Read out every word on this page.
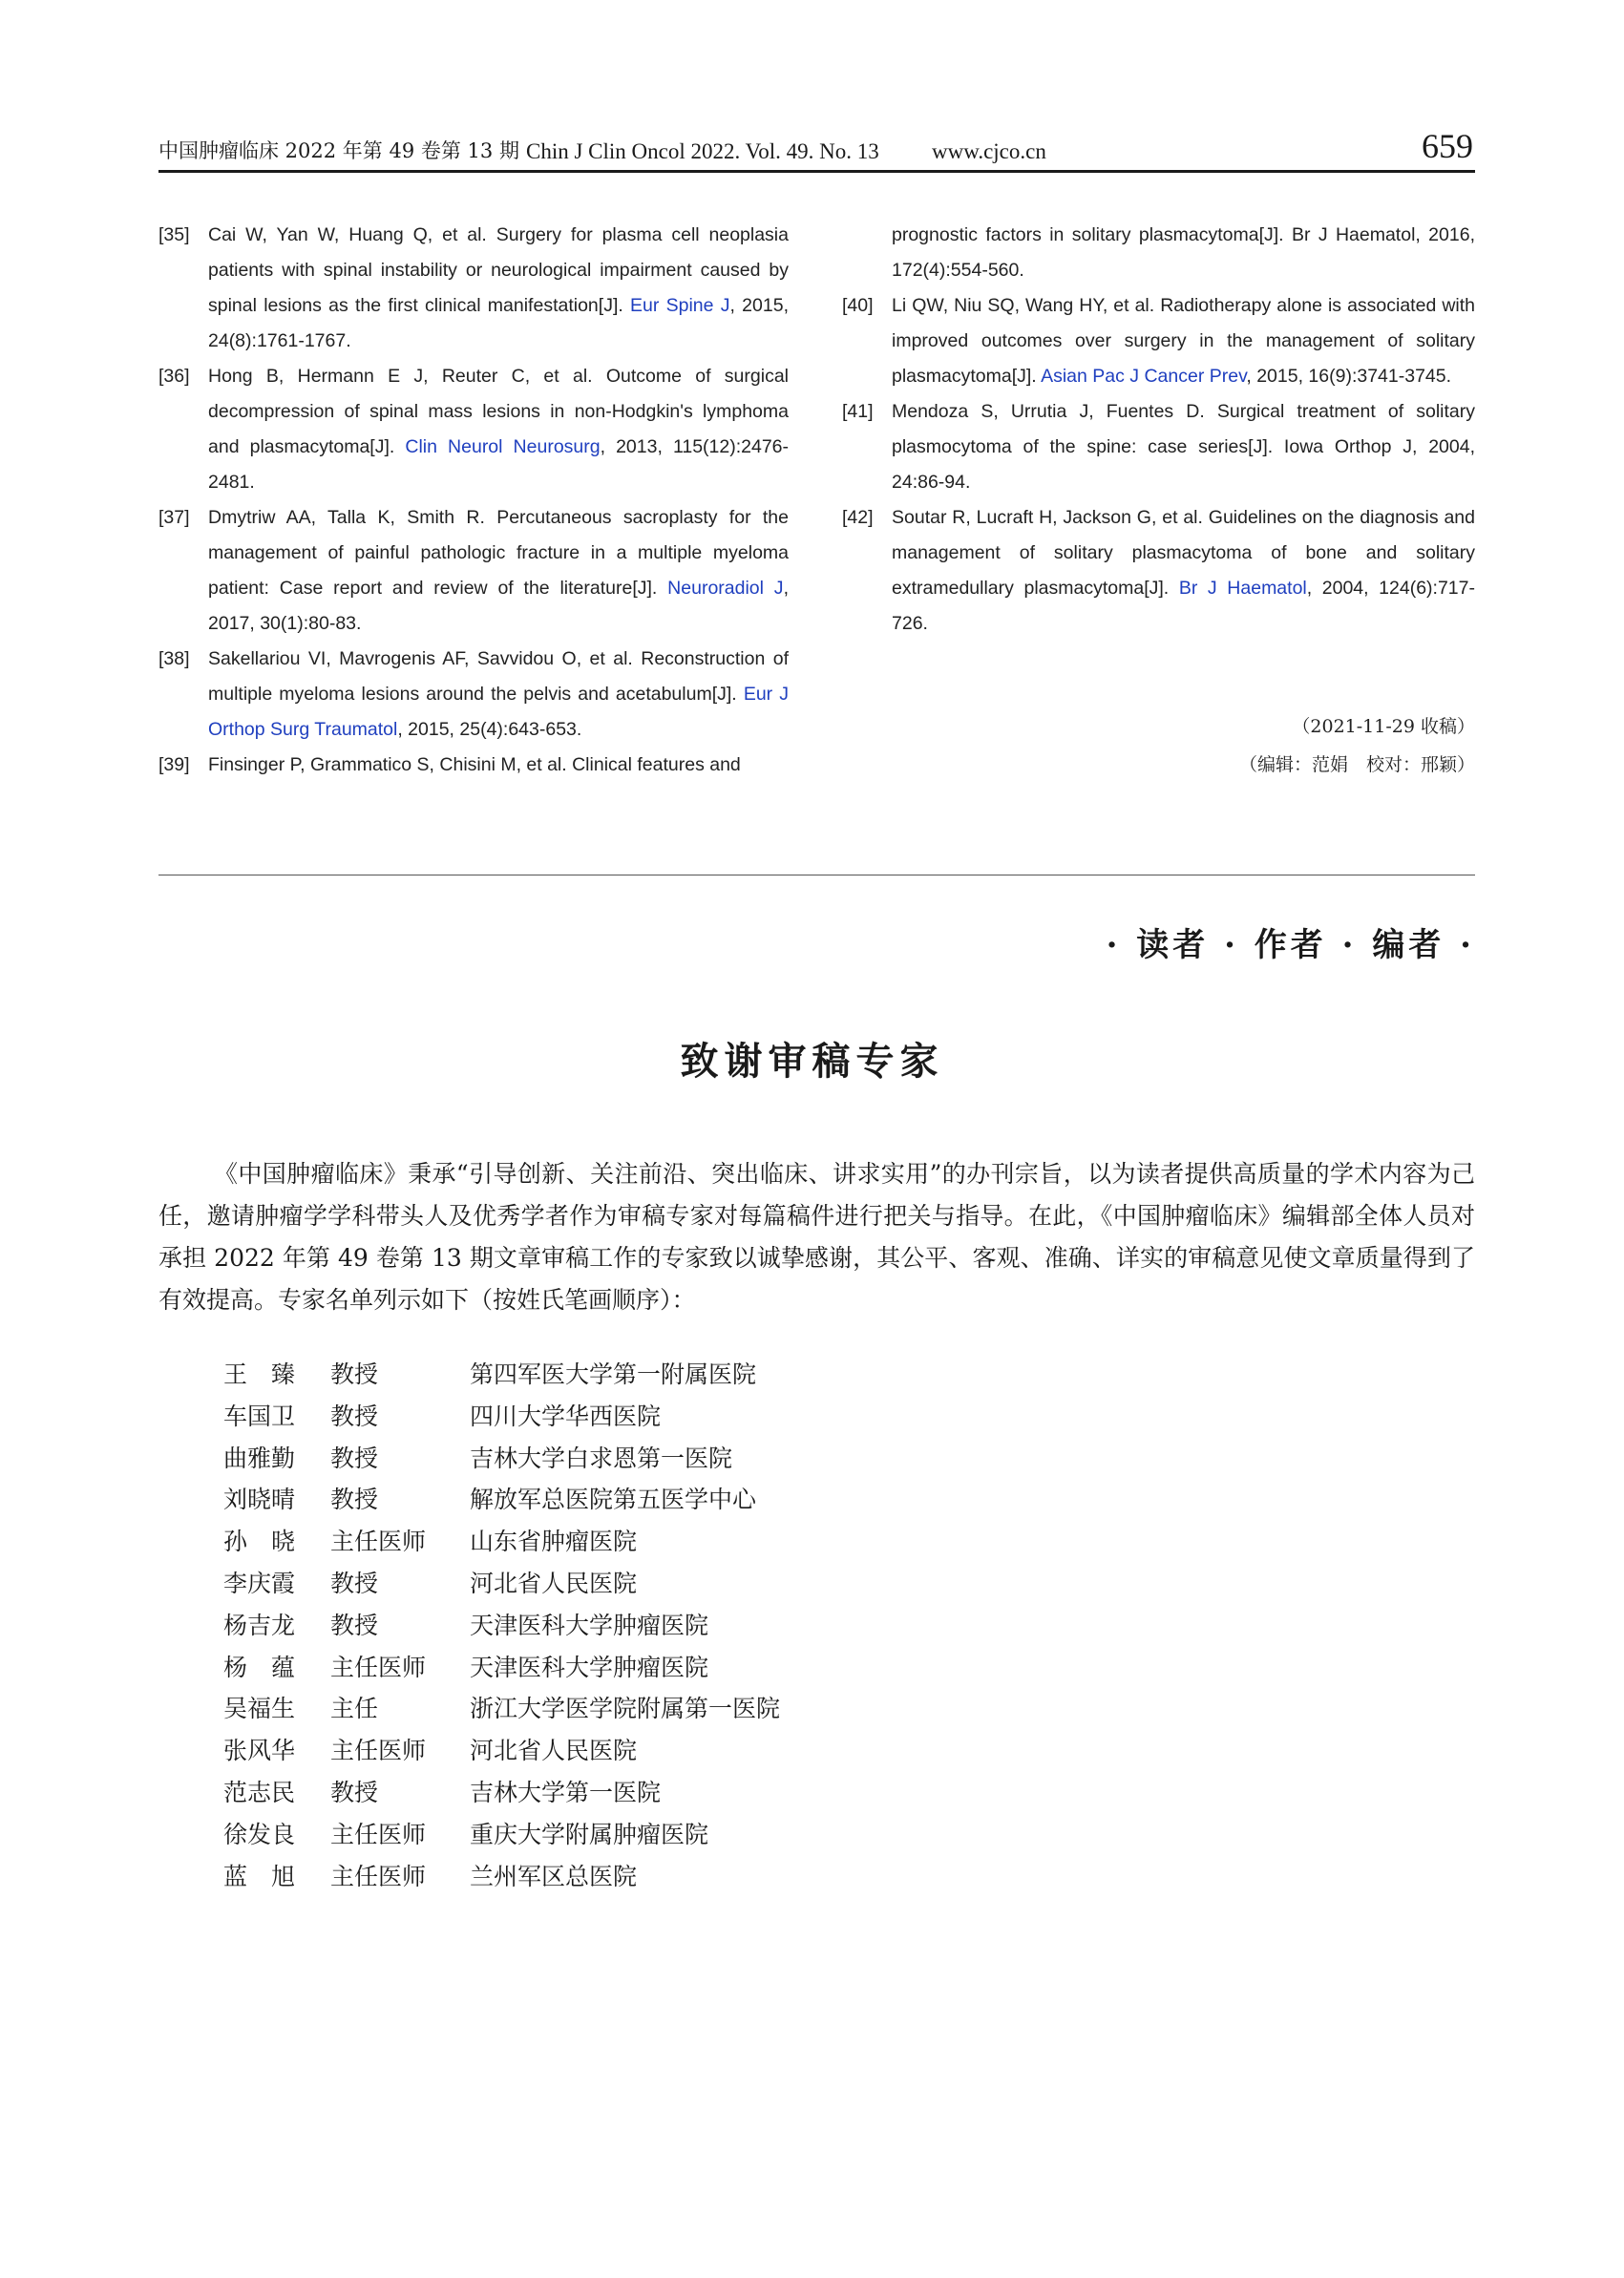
中国肿瘤临床 2022 年第 49 卷第 13 期 Chin J Clin Oncol 2022. Vol. 49. No. 13 www.cjco.cn	659
[35] Cai W, Yan W, Huang Q, et al. Surgery for plasma cell neoplasia patients with spinal instability or neurological impairment caused by spinal lesions as the first clinical manifestation[J]. Eur Spine J, 2015, 24(8):1761-1767.
[36] Hong B, Hermann E J, Reuter C, et al. Outcome of surgical decompression of spinal mass lesions in non-Hodgkin's lymphoma and plasmacytoma[J]. Clin Neurol Neurosurg, 2013, 115(12):2476-2481.
[37] Dmytriw AA, Talla K, Smith R. Percutaneous sacroplasty for the management of painful pathologic fracture in a multiple myeloma patient: Case report and review of the literature[J]. Neuroradiol J, 2017, 30(1):80-83.
[38] Sakellariou VI, Mavrogenis AF, Savvidou O, et al. Reconstruction of multiple myeloma lesions around the pelvis and acetabulum[J]. Eur J Orthop Surg Traumatol, 2015, 25(4):643-653.
[39] Finsinger P, Grammatico S, Chisini M, et al. Clinical features and
prognostic factors in solitary plasmacytoma[J]. Br J Haematol, 2016, 172(4):554-560.
[40] Li QW, Niu SQ, Wang HY, et al. Radiotherapy alone is associated with improved outcomes over surgery in the management of solitary plasmacytoma[J]. Asian Pac J Cancer Prev, 2015, 16(9):3741-3745.
[41] Mendoza S, Urrutia J, Fuentes D. Surgical treatment of solitary plasmocytoma of the spine: case series[J]. Iowa Orthop J, 2004, 24:86-94.
[42] Soutar R, Lucraft H, Jackson G, et al. Guidelines on the diagnosis and management of solitary plasmacytoma of bone and solitary extramedullary plasmacytoma[J]. Br J Haematol, 2004, 124(6):717-726.
（2021-11-29 收稿）
（编辑：范娟　校对：邢颖）
· 读者 · 作者 · 编者 ·
致谢审稿专家
《中国肿瘤临床》秉承“引导创新、关注前沿、突出临床、讲求实用”的办刊宗旨，以为读者提供高质量的学术内容为己任，邀请肿瘤学学科带头人及优秀学者作为审稿专家对每篇稿件进行把关与指导。在此，《中国肿瘤临床》编辑部全体人员对承担 2022 年第 49 卷第 13 期文章审稿工作的专家致以诚挚感谢，其公平、客观、准确、详实的审稿意见使文章质量得到了有效提高。专家名单列示如下（按姓氏笔画顺序）：
王　臻	教授	第四军医大学第一附属医院
车国卫	教授	四川大学华西医院
曲雅勤	教授	吉林大学白求恩第一医院
刘晓晴	教授	解放军总医院第五医学中心
孙　晓	主任医师 山东省肿瘤医院
李庆霞	教授	河北省人民医院
杨吉龙	教授	天津医科大学肿瘤医院
杨　蕴	主任医师 天津医科大学肿瘤医院
吴福生	主任	浙江大学医学院附属第一医院
张风华	主任医师 河北省人民医院
范志民	教授	吉林大学第一医院
徐发良	主任医师 重庆大学附属肿瘤医院
蓝　旭	主任医师 兰州军区总医院
